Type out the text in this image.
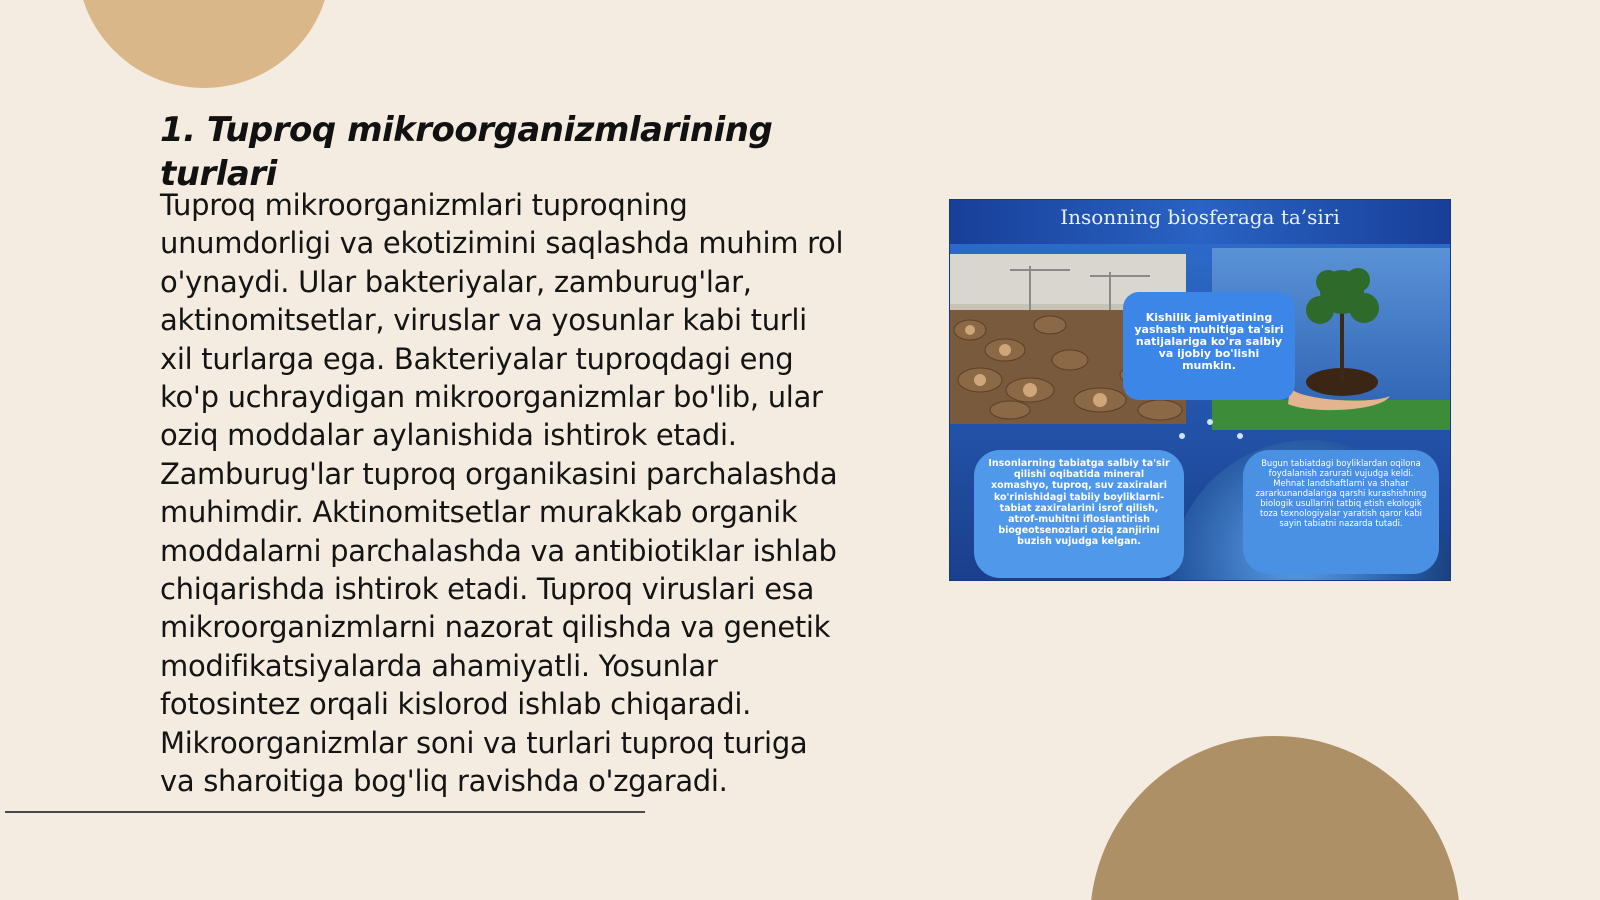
1. Tuproq mikroorganizmlarining turlari

Tuproq mikroorganizmlari tuproqning unumdorligi va ekotizimini saqlashda muhim rol o'ynaydi. Ular bakteriyalar, zamburug'lar, aktinomitsetlar, viruslar va yosunlar kabi turli xil turlarga ega. Bakteriyalar tuproqdagi eng ko'p uchraydigan mikroorganizmlar bo'lib, ular oziq moddalar aylanishida ishtirok etadi. Zamburug'lar tuproq organikasini parchalashda muhimdir. Aktinomitsetlar murakkab organik moddalarni parchalashda va antibiotiklar ishlab chiqarishda ishtirok etadi. Tuproq viruslari esa mikroorganizmlarni nazorat qilishda va genetik modifikatsiyalarda ahamiyatli. Yosunlar fotosintez orqali kislorod ishlab chiqaradi. Mikroorganizmlar soni va turlari tuproq turiga va sharoitiga bog'liq ravishda o'zgaradi.

Insonning biosferaga ta’siri
Kishilik jamiyatining yashash muhitiga ta'siri natijalariga ko'ra salbiy va ijobiy bo'lishi mumkin.
Insonlarning tabiatga salbiy ta'sir qilishi oqibatida mineral xomashyo, tuproq, suv zaxiralari ko'rinishidagi tabiiy boyliklarni-tabiat zaxiralarini isrof qilish, atrof-muhitni ifloslantirish biogeotsenozlari oziq zanjirini buzish vujudga kelgan.
Bugun tabiatdagi boyliklardan oqilona foydalanish zarurati vujudga keldi. Mehnat landshaftlarni va shahar zararkunandalariga qarshi kurashishning biologik usullarini tatbiq etish ekologik toza texnologiyalar yaratish qaror kabi sayin tabiatni nazarda tutadi.
